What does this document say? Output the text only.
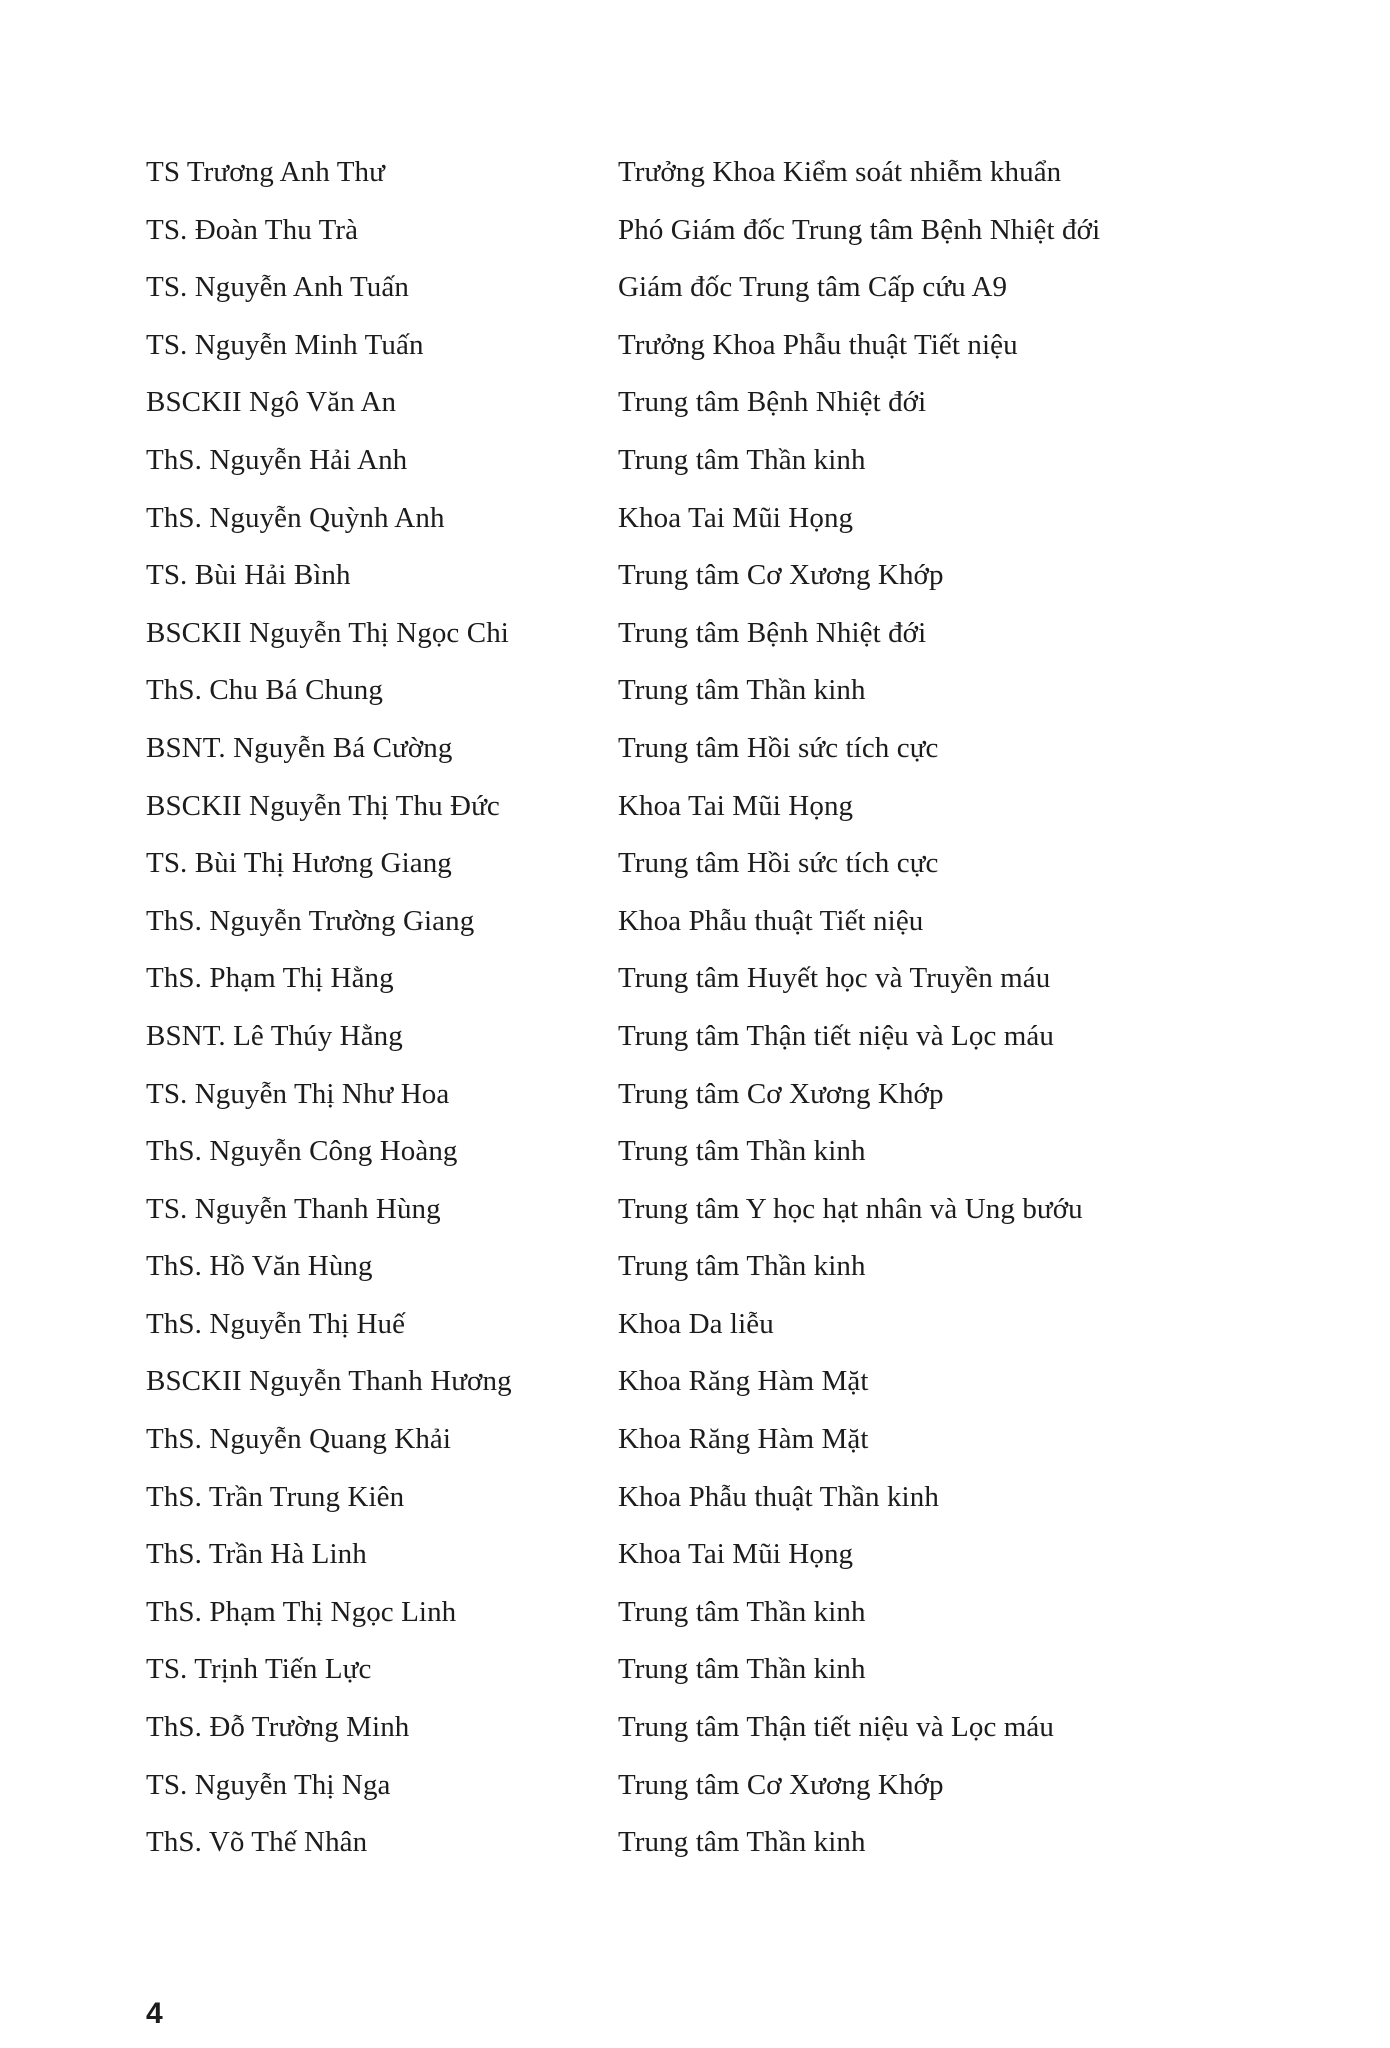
TS Trương Anh Thư	Trưởng Khoa Kiểm soát nhiễm khuẩn
TS. Đoàn Thu Trà	Phó Giám đốc Trung tâm Bệnh Nhiệt đới
TS. Nguyễn Anh Tuấn	Giám đốc Trung tâm Cấp cứu A9
TS. Nguyễn Minh Tuấn	Trưởng Khoa Phẫu thuật Tiết niệu
BSCKII Ngô Văn An	Trung tâm Bệnh Nhiệt đới
ThS. Nguyễn Hải Anh	Trung tâm Thần kinh
ThS. Nguyễn Quỳnh Anh	Khoa Tai Mũi Họng
TS. Bùi Hải Bình	Trung tâm Cơ Xương Khớp
BSCKII Nguyễn Thị Ngọc Chi	Trung tâm Bệnh Nhiệt đới
ThS. Chu Bá Chung	Trung tâm Thần kinh
BSNT. Nguyễn Bá Cường	Trung tâm Hồi sức tích cực
BSCKII Nguyễn Thị Thu Đức	Khoa Tai Mũi Họng
TS. Bùi Thị Hương Giang	Trung tâm Hồi sức tích cực
ThS. Nguyễn Trường Giang	Khoa Phẫu thuật Tiết niệu
ThS. Phạm Thị Hằng	Trung tâm Huyết học và Truyền máu
BSNT. Lê Thúy Hằng	Trung tâm Thận tiết niệu và Lọc máu
TS. Nguyễn Thị Như Hoa	Trung tâm Cơ Xương Khớp
ThS. Nguyễn Công Hoàng	Trung tâm Thần kinh
TS. Nguyễn Thanh Hùng	Trung tâm Y học hạt nhân và Ung bướu
ThS. Hồ Văn Hùng	Trung tâm Thần kinh
ThS. Nguyễn Thị Huế	Khoa Da liễu
BSCKII Nguyễn Thanh Hương	Khoa Răng Hàm Mặt
ThS. Nguyễn Quang Khải	Khoa Răng Hàm Mặt
ThS. Trần Trung Kiên	Khoa Phẫu thuật Thần kinh
ThS. Trần Hà Linh	Khoa Tai Mũi Họng
ThS. Phạm Thị Ngọc Linh	Trung tâm Thần kinh
TS. Trịnh Tiến Lực	Trung tâm Thần kinh
ThS. Đỗ Trường Minh	Trung tâm Thận tiết niệu và Lọc máu
TS. Nguyễn Thị Nga	Trung tâm Cơ Xương Khớp
ThS. Võ Thế Nhân	Trung tâm Thần kinh
4
